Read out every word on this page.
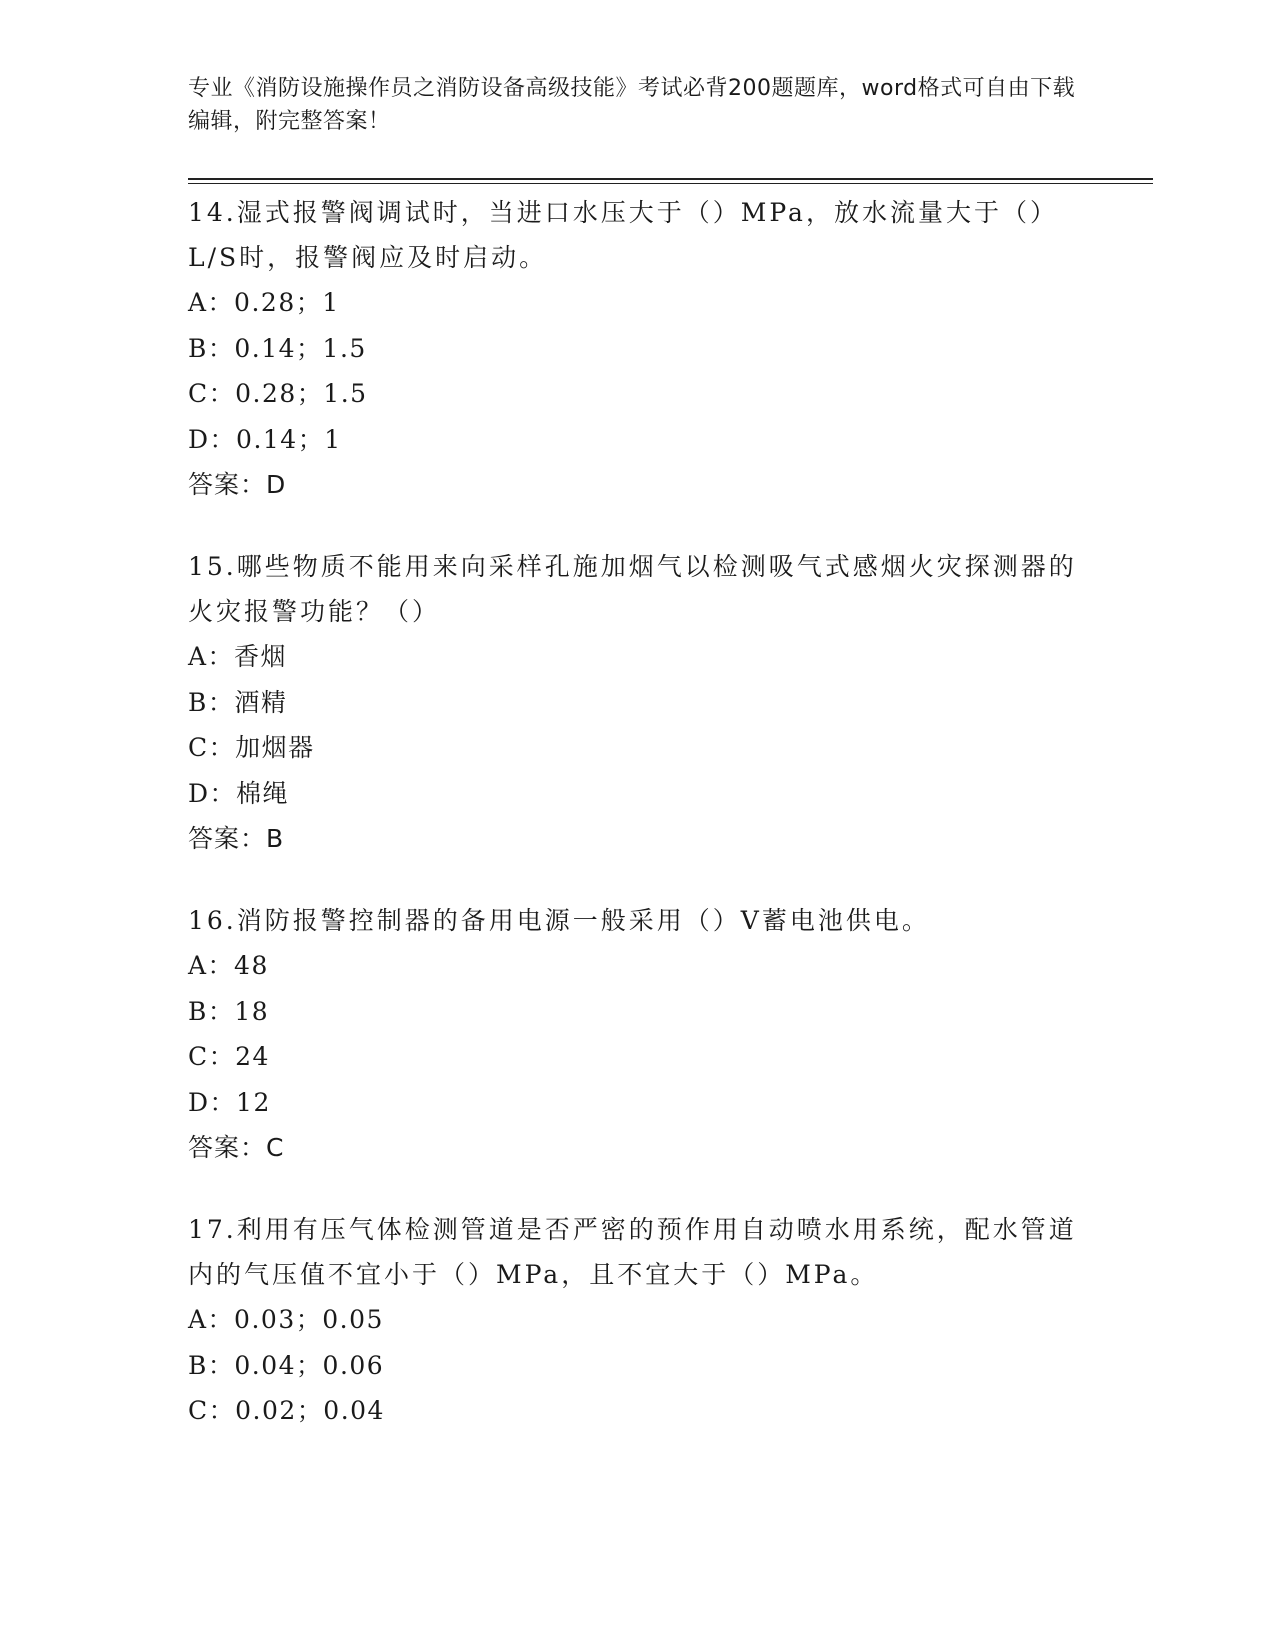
专业《消防设施操作员之消防设备高级技能》考试必背200题题库，word格式可自由下载编辑，附完整答案！

14.湿式报警阀调试时，当进口水压大于（）MPa，放水流量大于（）L/S时，报警阀应及时启动。

A：0.28；1

B：0.14；1.5

C：0.28；1.5

D：0.14；1

答案：D

15.哪些物质不能用来向采样孔施加烟气以检测吸气式感烟火灾探测器的火灾报警功能？（）

A：香烟

B：酒精

C：加烟器

D：棉绳

答案：B

16.消防报警控制器的备用电源一般采用（）V蓄电池供电。

A：48

B：18

C：24

D：12

答案：C

17.利用有压气体检测管道是否严密的预作用自动喷水用系统，配水管道内的气压值不宜小于（）MPa，且不宜大于（）MPa。

A：0.03；0.05

B：0.04；0.06

C：0.02；0.04
